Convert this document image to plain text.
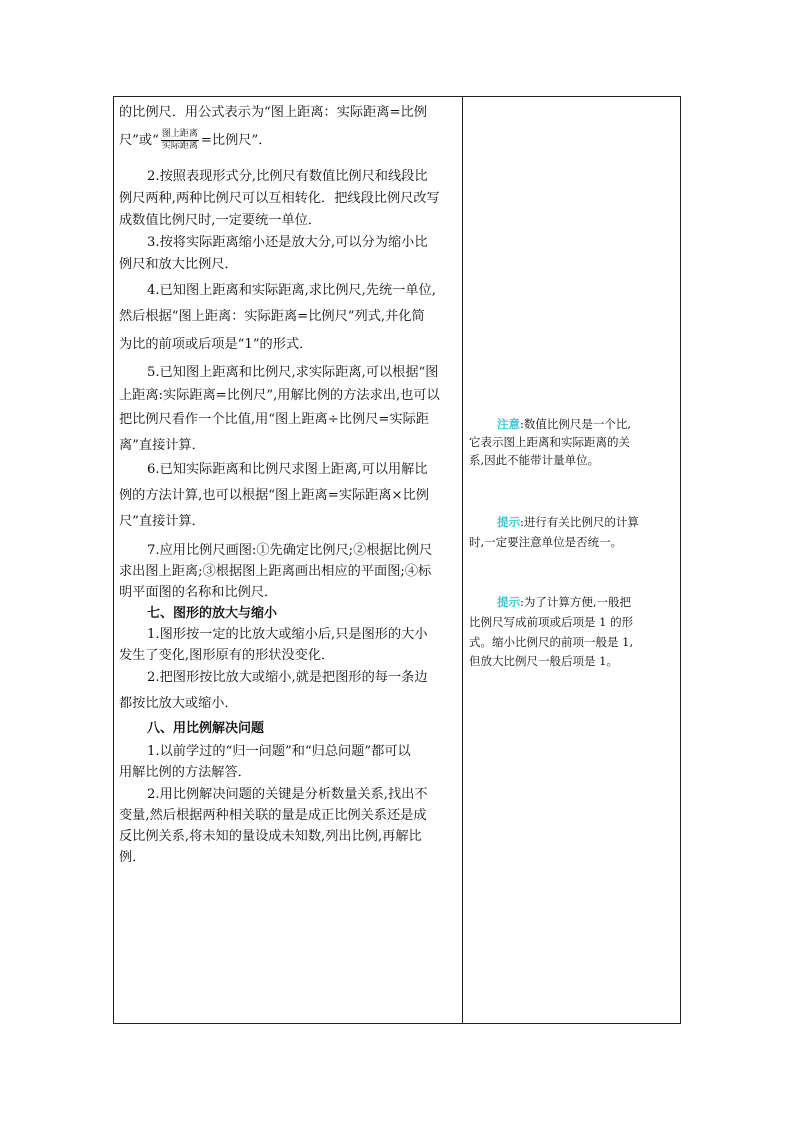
的比例尺．用公式表示为“图上距离：实际距离=比例
尺”或“ $\frac{\text{图上距离}}{\text{实际距离}}$ =比例尺”．
2.按照表现形式分,比例尺有数值比例尺和线段比
例尺两种,两种比例尺可以互相转化．把线段比例尺改写
成数值比例尺时,一定要统一单位．
3.按将实际距离缩小还是放大分,可以分为缩小比
例尺和放大比例尺．
4.已知图上距离和实际距离,求比例尺,先统一单位,
然后根据“图上距离：实际距离=比例尺”列式,并化简
为比的前项或后项是“1”的形式．
5.已知图上距离和比例尺,求实际距离,可以根据“图
上距离:实际距离=比例尺”,用解比例的方法求出,也可以
把比例尺看作一个比值,用“图上距离÷比例尺=实际距
离”直接计算．
6.已知实际距离和比例尺求图上距离,可以用解比
例的方法计算,也可以根据“图上距离=实际距离×比例
尺”直接计算．
7.应用比例尺画图:①先确定比例尺;②根据比例尺
求出图上距离;③根据图上距离画出相应的平面图;④标
明平面图的名称和比例尺．
七、图形的放大与缩小
1.图形按一定的比放大或缩小后,只是图形的大小
发生了变化,图形原有的形状没变化．
2.把图形按比放大或缩小,就是把图形的每一条边
都按比放大或缩小．
八、用比例解决问题
1.以前学过的“归一问题”和“归总问题”都可以
用解比例的方法解答．
2.用比例解决问题的关键是分析数量关系,找出不
变量,然后根据两种相关联的量是成正比例关系还是成
反比例关系,将未知的量设成未知数,列出比例,再解比
例．
注意:数值比例尺是一个比,
它表示图上距离和实际距离的关
系,因此不能带计量单位。
提示:进行有关比例尺的计算
时,一定要注意单位是否统一。
提示:为了计算方便,一般把
比例尺写成前项或后项是 1 的形
式。缩小比例尺的前项一般是 1,
但放大比例尺一般后项是 1。
